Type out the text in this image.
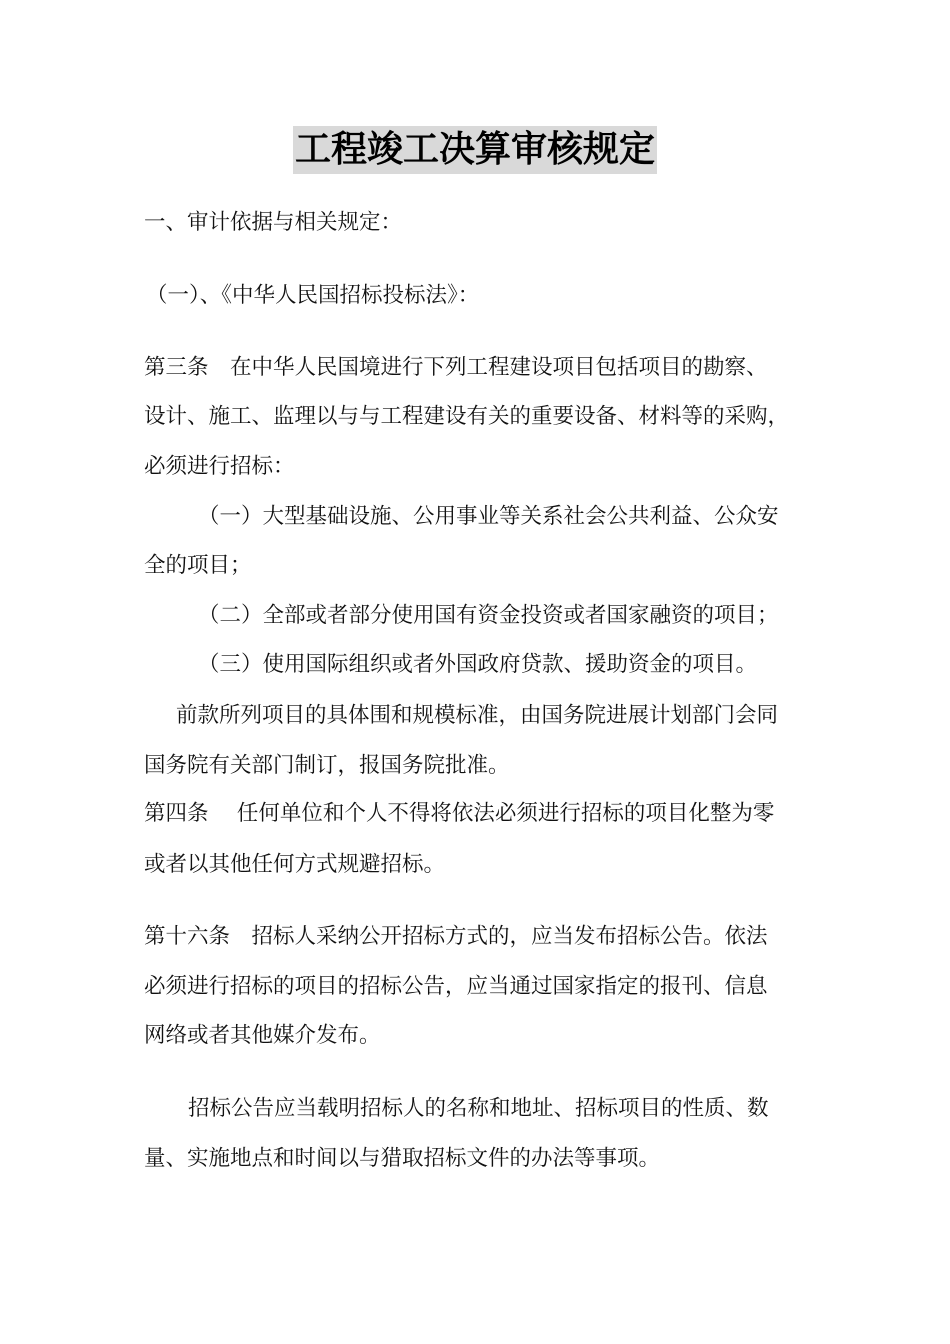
工程竣工决算审核规定
一、审计依据与相关规定：
（一）、《中华人民国招标投标法》：
第三条　在中华人民国境进行下列工程建设项目包括项目的勘察、
设计、施工、监理以与与工程建设有关的重要设备、材料等的采购，
必须进行招标：
（一）大型基础设施、公用事业等关系社会公共利益、公众安
全的项目；
（二）全部或者部分使用国有资金投资或者国家融资的项目；
（三）使用国际组织或者外国政府贷款、援助资金的项目。
前款所列项目的具体围和规模标准，由国务院进展计划部门会同
国务院有关部门制订，报国务院批准。
第四条　 任何单位和个人不得将依法必须进行招标的项目化整为零
或者以其他任何方式规避招标。
第十六条　招标人采纳公开招标方式的，应当发布招标公告。依法
必须进行招标的项目的招标公告，应当通过国家指定的报刊、信息
网络或者其他媒介发布。
招标公告应当载明招标人的名称和地址、招标项目的性质、数
量、实施地点和时间以与猎取招标文件的办法等事项。
